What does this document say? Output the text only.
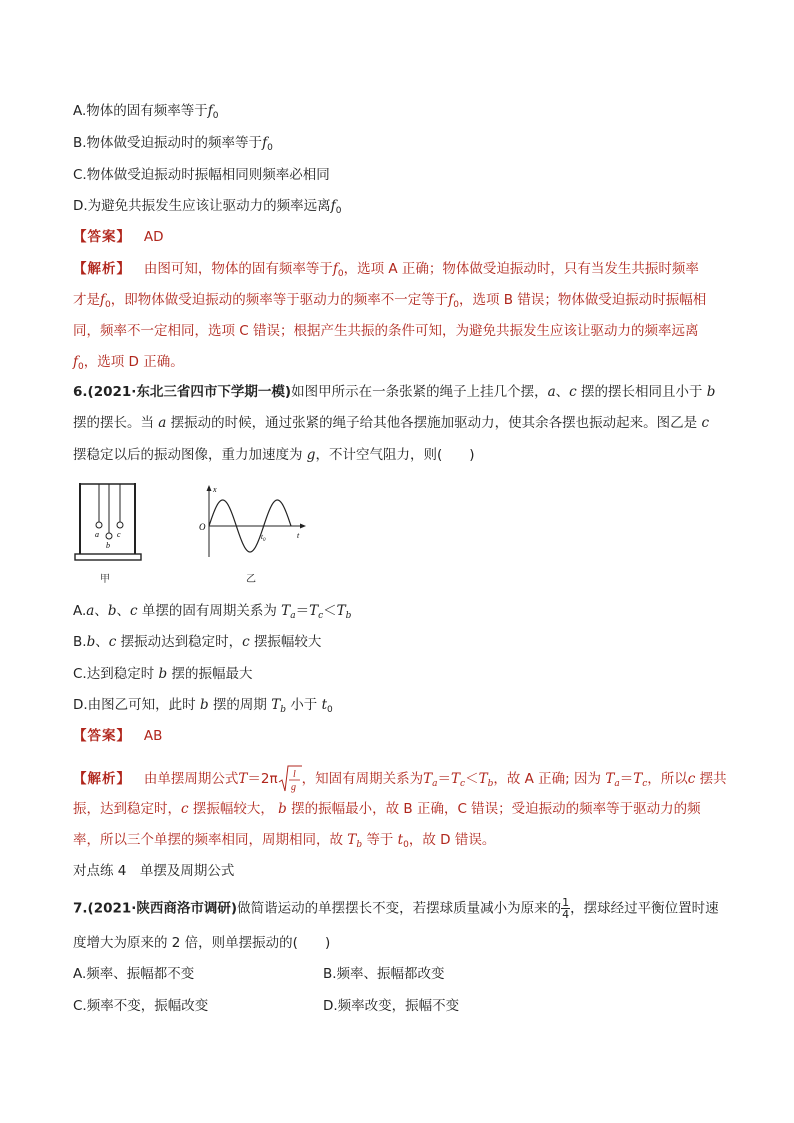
A.物体的固有频率等于$f_0$
B.物体做受迫振动时的频率等于$f_0$
C.物体做受迫振动时振幅相同则频率必相同
D.为避免共振发生应该让驱动力的频率远离$f_0$
【答案】 AD
【解析】 由图可知，物体的固有频率等于$f_0$，选项 A 正确；物体做受迫振动时，只有当发生共振时频率
才是$f_0$，即物体做受迫振动的频率等于驱动力的频率不一定等于$f_0$，选项 B 错误；物体做受迫振动时振幅相
同，频率不一定相同，选项 C 错误；根据产生共振的条件可知，为避免共振发生应该让驱动力的频率远离
$f_0$，选项 D 正确。
6.(2021·东北三省四市下学期一模)如图甲所示在一条张紧的绳子上挂几个摆，a、c 摆的摆长相同且小于 b
摆的摆长。当 a 摆振动的时候，通过张紧的绳子给其他各摆施加驱动力，使其余各摆也振动起来。图乙是 c
摆稳定以后的振动图像，重力加速度为 g，不计空气阻力，则(　　)
a
b
c
甲
x
t
O
$t_0$
乙
A.a、b、c 单摆的固有周期关系为 $T_a=T_c<T_b$
B.b、c 摆振动达到稳定时，c 摆振幅较大
C.达到稳定时 b 摆的振幅最大
D.由图乙可知，此时 b 摆的周期 $T_b$ 小于 $t_0$
【答案】 AB
【解析】 由单摆周期公式T＝2π l
g
，知固有周期关系为$T_a=T_c<T_b$，故 A 正确; 因为 $T_a=T_c$，所以c 摆共
振，达到稳定时，c 摆振幅较大， b 摆的振幅最小，故 B 正确，C 错误；受迫振动的频率等于驱动力的频
率，所以三个单摆的频率相同，周期相同，故 $T_b$ 等于 $t_0$，故 D 错误。
对点练 4　单摆及周期公式
7.(2021·陕西商洛市调研)做简谐运动的单摆摆长不变，若摆球质量减小为原来的 $\frac{1}{4}$ ，摆球经过平衡位置时速
度增大为原来的 2 倍，则单摆振动的(　　)
A.频率、振幅都不变	B.频率、振幅都改变
C.频率不变，振幅改变	D.频率改变，振幅不变
